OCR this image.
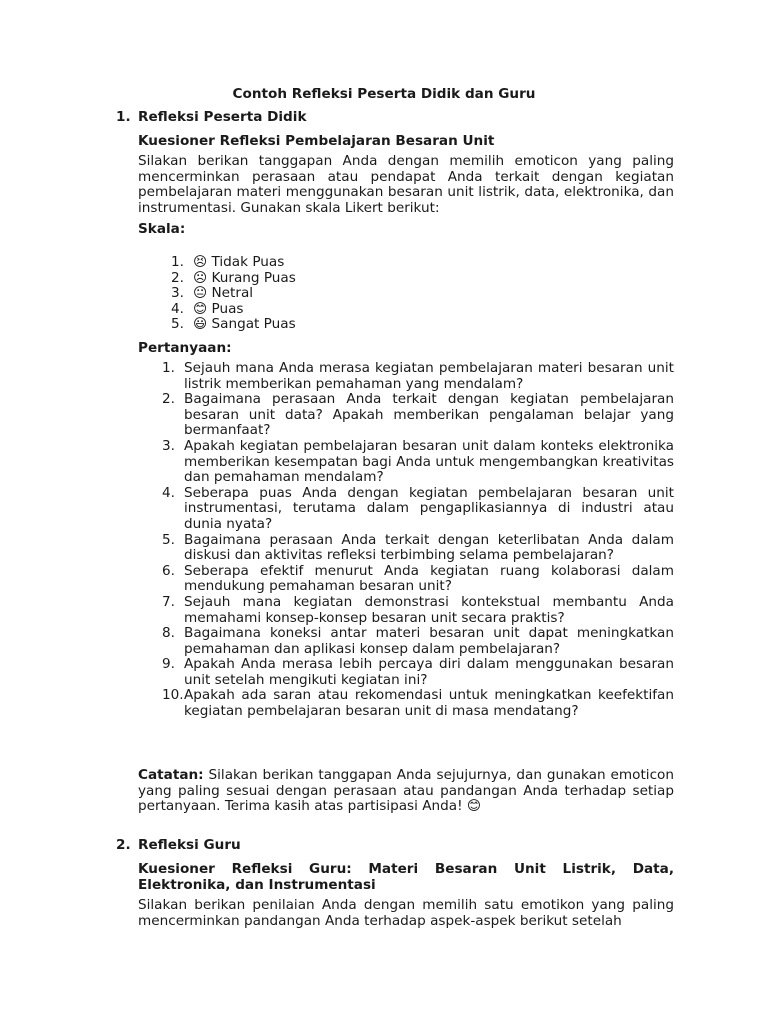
Contoh Refleksi Peserta Didik dan Guru
1. Refleksi Peserta Didik
Kuesioner Refleksi Pembelajaran Besaran Unit
Silakan berikan tanggapan Anda dengan memilih emoticon yang paling mencerminkan perasaan atau pendapat Anda terkait dengan kegiatan pembelajaran materi menggunakan besaran unit listrik, data, elektronika, dan instrumentasi. Gunakan skala Likert berikut:
Skala:
1. 😣 Tidak Puas
2. ☹ Kurang Puas
3. 😐 Netral
4. 😊 Puas
5. 😃 Sangat Puas
Pertanyaan:
1. Sejauh mana Anda merasa kegiatan pembelajaran materi besaran unit listrik memberikan pemahaman yang mendalam?
2. Bagaimana perasaan Anda terkait dengan kegiatan pembelajaran besaran unit data? Apakah memberikan pengalaman belajar yang bermanfaat?
3. Apakah kegiatan pembelajaran besaran unit dalam konteks elektronika memberikan kesempatan bagi Anda untuk mengembangkan kreativitas dan pemahaman mendalam?
4. Seberapa puas Anda dengan kegiatan pembelajaran besaran unit instrumentasi, terutama dalam pengaplikasiannya di industri atau dunia nyata?
5. Bagaimana perasaan Anda terkait dengan keterlibatan Anda dalam diskusi dan aktivitas refleksi terbimbing selama pembelajaran?
6. Seberapa efektif menurut Anda kegiatan ruang kolaborasi dalam mendukung pemahaman besaran unit?
7. Sejauh mana kegiatan demonstrasi kontekstual membantu Anda memahami konsep-konsep besaran unit secara praktis?
8. Bagaimana koneksi antar materi besaran unit dapat meningkatkan pemahaman dan aplikasi konsep dalam pembelajaran?
9. Apakah Anda merasa lebih percaya diri dalam menggunakan besaran unit setelah mengikuti kegiatan ini?
10. Apakah ada saran atau rekomendasi untuk meningkatkan keefektifan kegiatan pembelajaran besaran unit di masa mendatang?
Catatan: Silakan berikan tanggapan Anda sejujurnya, dan gunakan emoticon yang paling sesuai dengan perasaan atau pandangan Anda terhadap setiap pertanyaan. Terima kasih atas partisipasi Anda! 😊
2. Refleksi Guru
Kuesioner Refleksi Guru: Materi Besaran Unit Listrik, Data, Elektronika, dan Instrumentasi
Silakan berikan penilaian Anda dengan memilih satu emotikon yang paling mencerminkan pandangan Anda terhadap aspek-aspek berikut setelah
